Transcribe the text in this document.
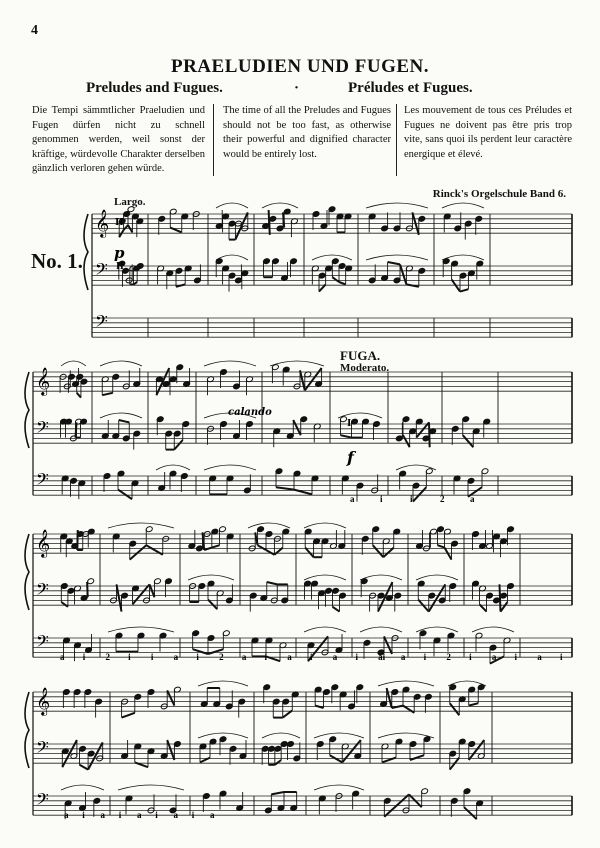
4
PRAELUDIEN UND FUGEN.
Preludes and Fugues.	·	Préludes et Fugues.
Die Tempi sämmtlicher Praeludien und Fugen dürfen nicht zu schnell genommen werden, weil sonst der kräftige, würdevolle Charakter derselben gänzlich verloren gehen würde.
The time of all the Preludes and Fugues should not be too fast, as otherwise their powerful and dignified character would be entirely lost.
Les mouvement de tous ces Préludes et Fugues ne doivent pas être pris trop vite, sans quoi ils perdent leur caractère energique et élevé.
Rinck's Orgelschule Band 6.
No. 1.
Largo.
FUGA.
Moderato.
𝄞
𝄢
𝄢
𝄞
𝄢
𝄢
𝄞
𝄢
𝄢
𝄞
𝄢
𝄢
p
f
calando
II
II
I
a	i	i	2	a
a i 2 i i a i 2 a i a i a i ai a i 2 i a i a i
a i a i a i a i a
